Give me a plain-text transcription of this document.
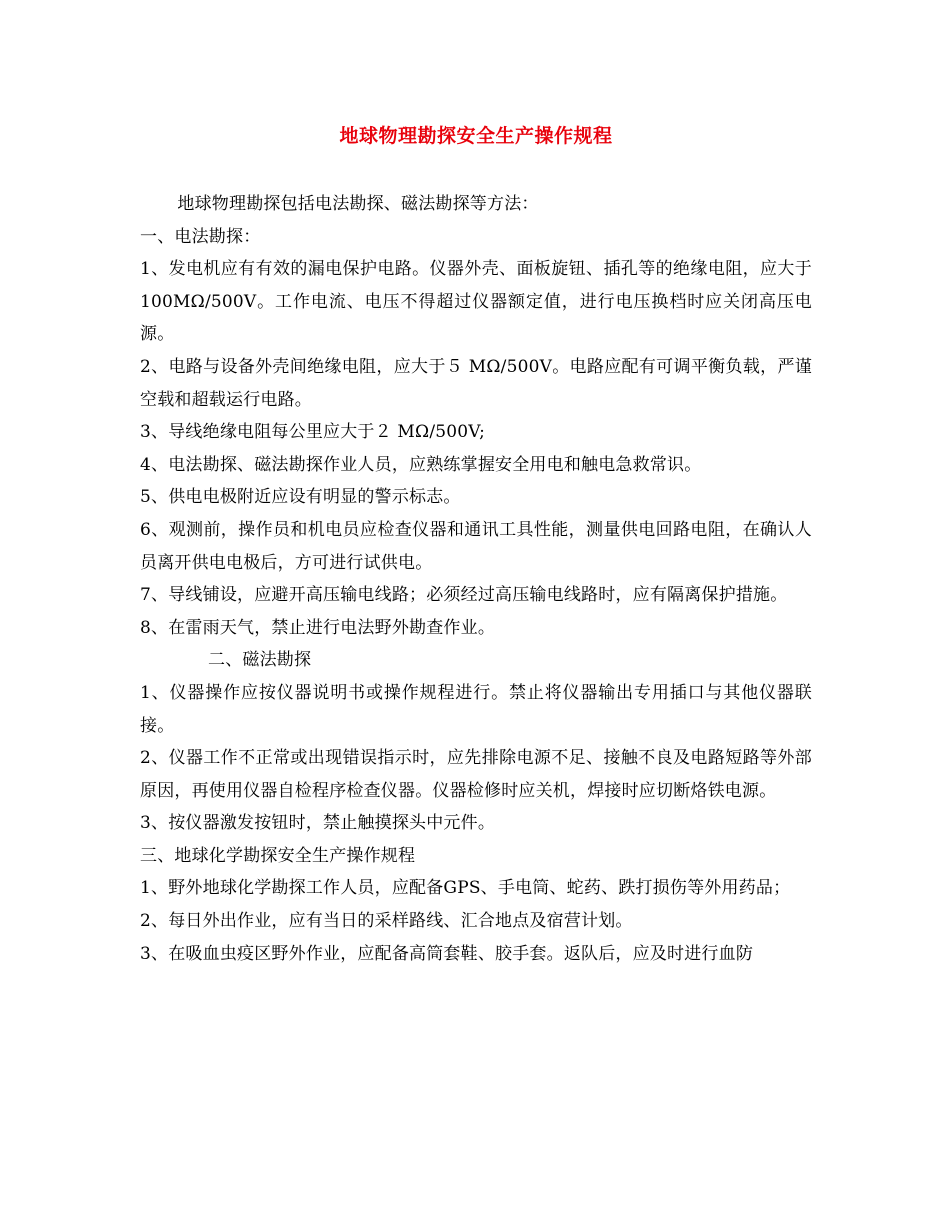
地球物理勘探安全生产操作规程

地球物理勘探包括电法勘探、磁法勘探等方法：

一、电法勘探：

1、发电机应有有效的漏电保护电路。仪器外壳、面板旋钮、插孔等的绝缘电阻，应大于100MΩ/500V。工作电流、电压不得超过仪器额定值，进行电压换档时应关闭高压电源。

2、电路与设备外壳间绝缘电阻，应大于５ MΩ/500V。电路应配有可调平衡负载，严谨空载和超载运行电路。

3、导线绝缘电阻每公里应大于２ MΩ/500V;

4、电法勘探、磁法勘探作业人员，应熟练掌握安全用电和触电急救常识。

5、供电电极附近应设有明显的警示标志。

6、观测前，操作员和机电员应检查仪器和通讯工具性能，测量供电回路电阻，在确认人员离开供电电极后，方可进行试供电。

7、导线铺设，应避开高压输电线路；必须经过高压输电线路时，应有隔离保护措施。

8、在雷雨天气，禁止进行电法野外勘查作业。

二、磁法勘探

1、仪器操作应按仪器说明书或操作规程进行。禁止将仪器输出专用插口与其他仪器联接。

2、仪器工作不正常或出现错误指示时，应先排除电源不足、接触不良及电路短路等外部原因，再使用仪器自检程序检查仪器。仪器检修时应关机，焊接时应切断烙铁电源。

3、按仪器激发按钮时，禁止触摸探头中元件。

三、地球化学勘探安全生产操作规程

1、野外地球化学勘探工作人员，应配备GPS、手电筒、蛇药、跌打损伤等外用药品；

2、每日外出作业，应有当日的采样路线、汇合地点及宿营计划。

3、在吸血虫疫区野外作业，应配备高筒套鞋、胶手套。返队后，应及时进行血防
